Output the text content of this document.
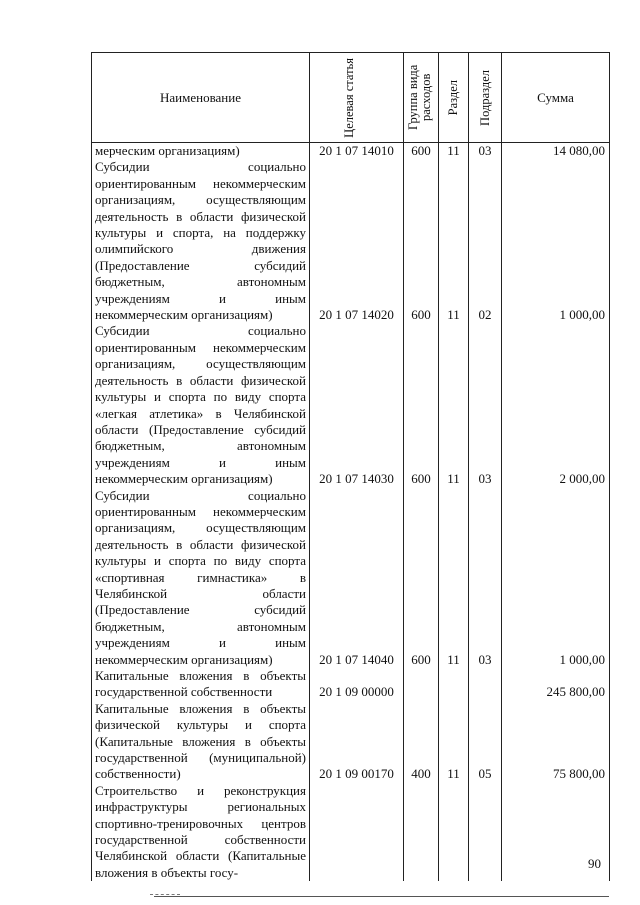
Наименование	Целевая статья	Группа вида расходов	Раздел	Подраздел	Сумма
мерческим организациям)	20 1 07 14010	600	11	03	14 080,00
Субсидии социально ориентированным некоммерческим организациям, осуществляющим деятельность в области физической культуры и спорта, на поддержку олимпийского движения (Предоставление субсидий бюджетным, автономным учреждениям и иным некоммерческим организациям)	20 1 07 14020	600	11	02	1 000,00
Субсидии социально ориентированным некоммерческим организациям, осуществляющим деятельность в области физической культуры и спорта по виду спорта «легкая атлетика» в Челябинской области (Предоставление субсидий бюджетным, автономным учреждениям и иным некоммерческим организациям)	20 1 07 14030	600	11	03	2 000,00
Субсидии социально ориентированным некоммерческим организациям, осуществляющим деятельность в области физической культуры и спорта по виду спорта «спортивная гимнастика» в Челябинской области (Предоставление субсидий бюджетным, автономным учреждениям и иным некоммерческим организациям)	20 1 07 14040	600	11	03	1 000,00
Капитальные вложения в объекты государственной собственности	20 1 09 00000				245 800,00
Капитальные вложения в объекты физической культуры и спорта (Капитальные вложения в объекты государственной (муниципальной) собственности)	20 1 09 00170	400	11	05	75 800,00
Строительство и реконструкция инфраструктуры региональных спортивно-тренировочных центров государственной собственности Челябинской области (Капитальные вложения в объекты госу-					
90
